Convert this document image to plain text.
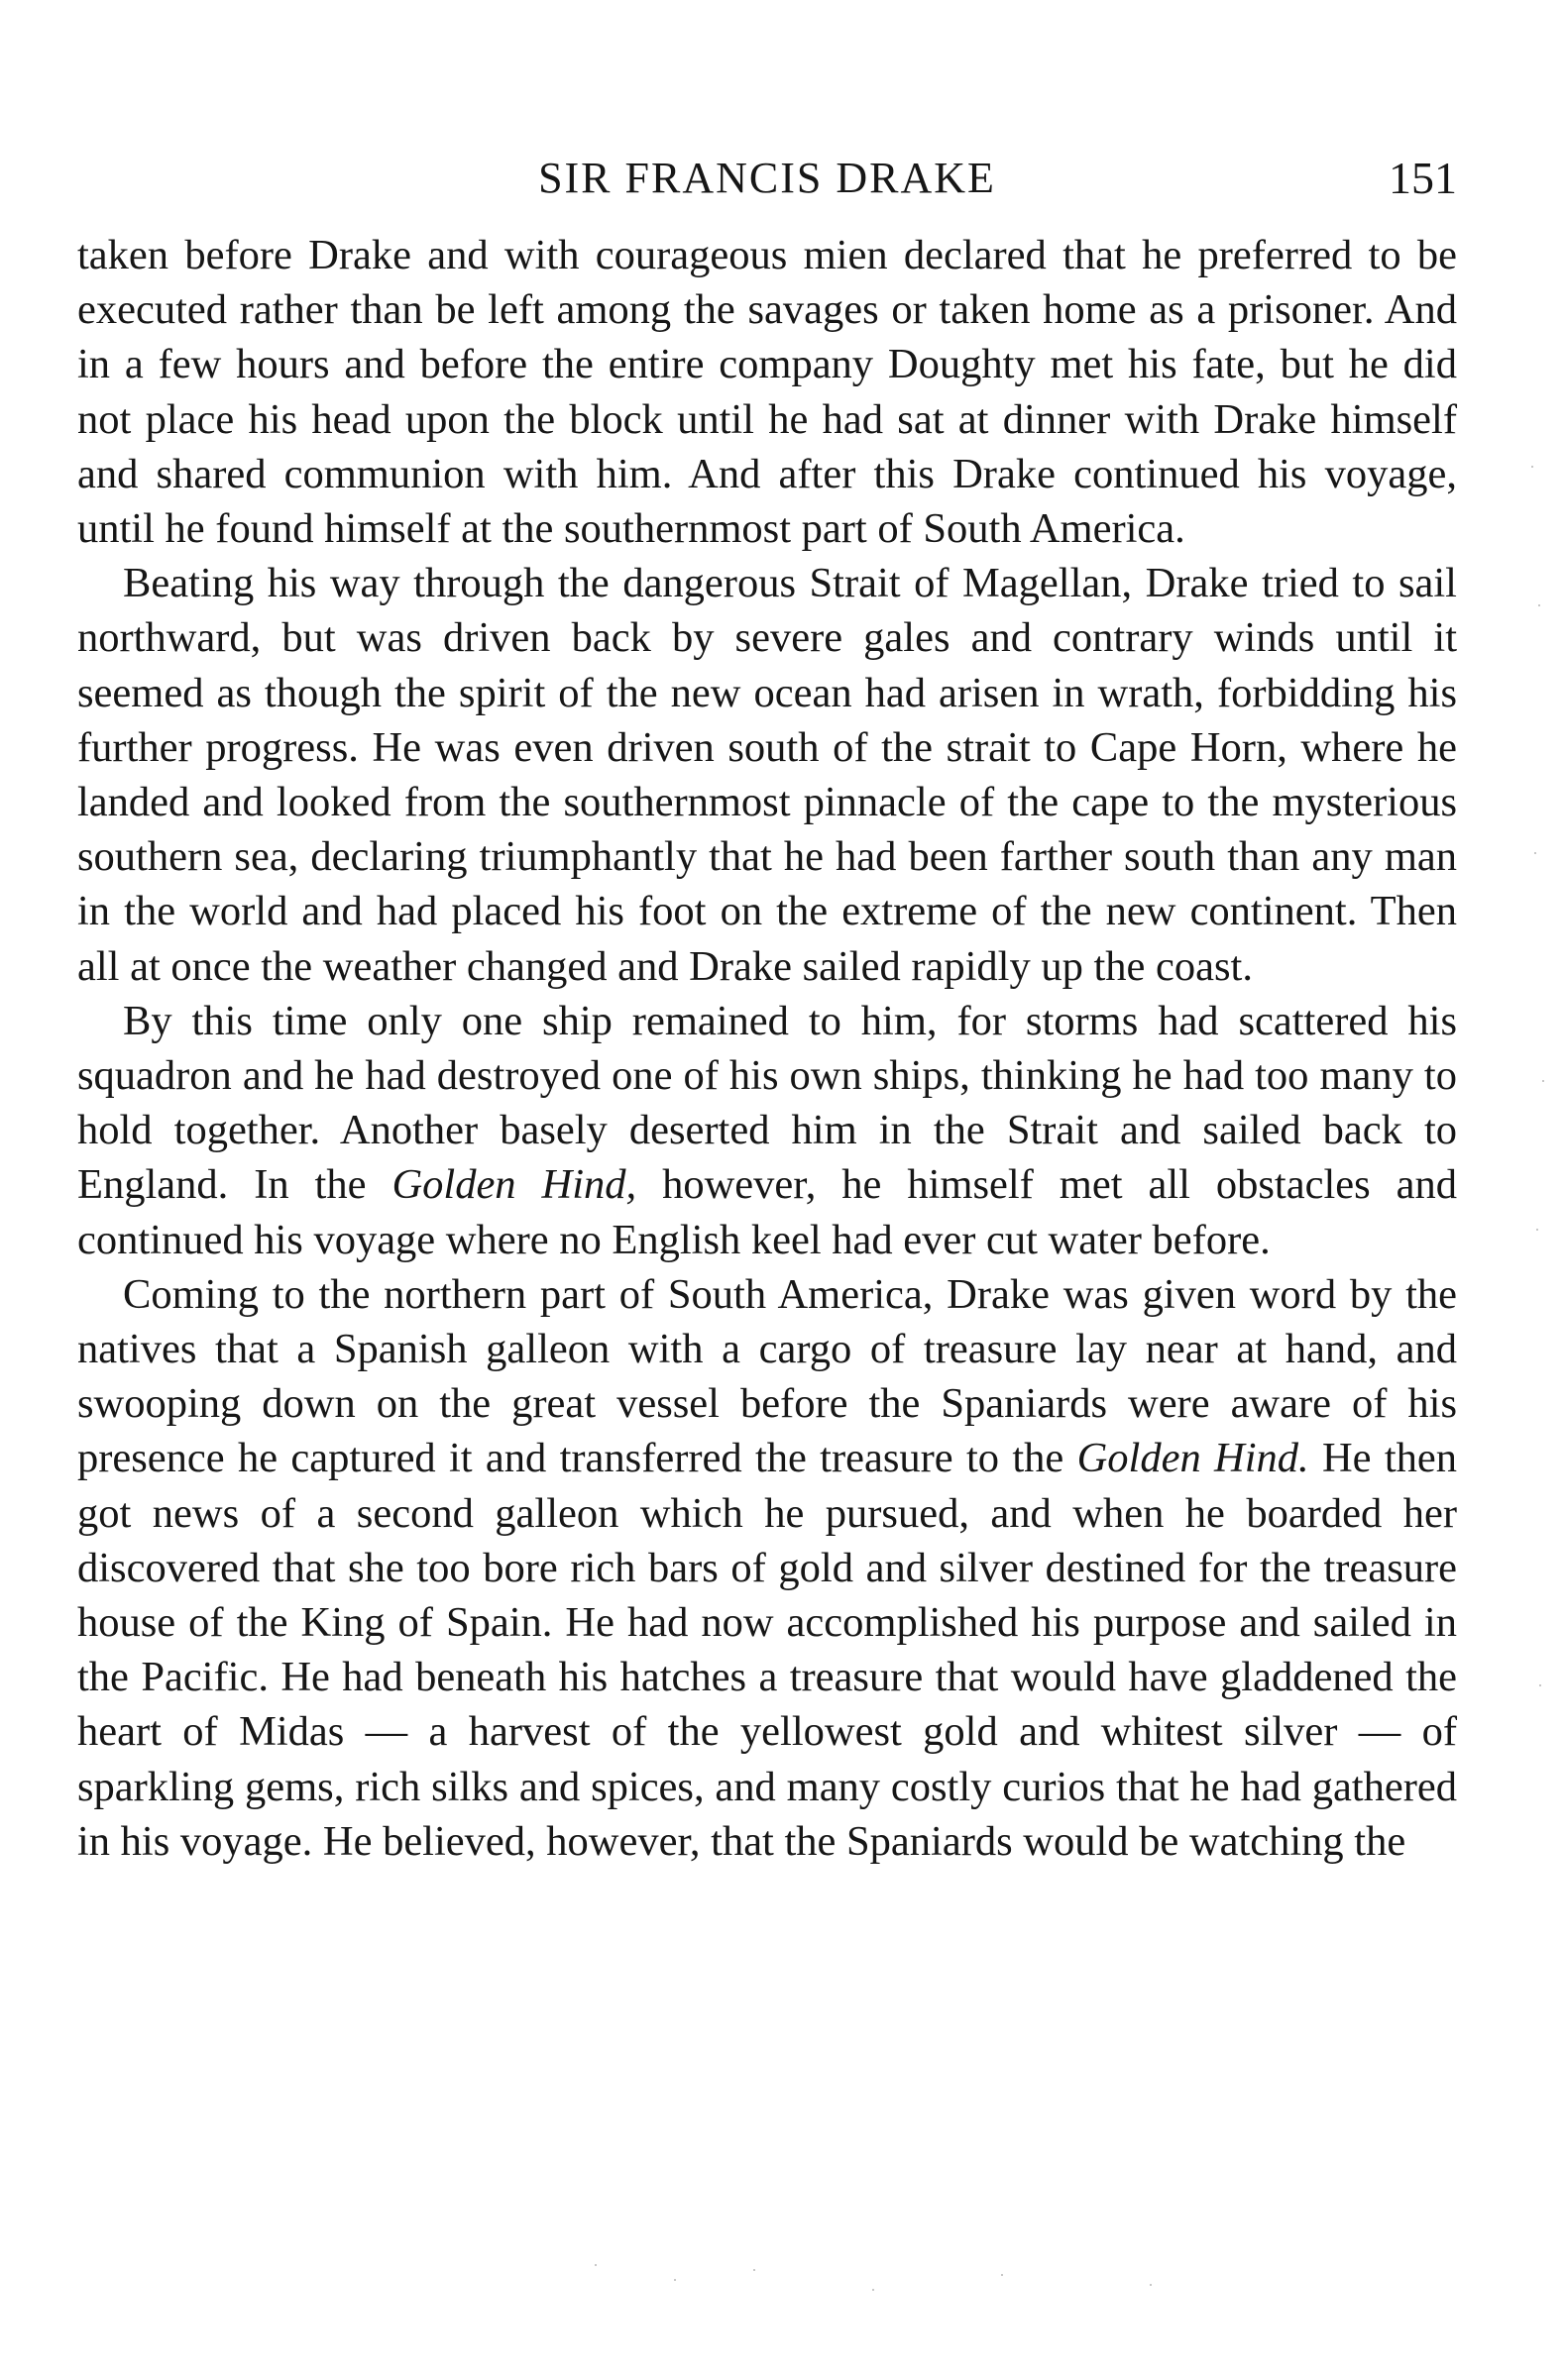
SIR FRANCIS DRAKE	151

taken before Drake and with courageous mien declared that he preferred to be executed rather than be left among the savages or taken home as a prisoner. And in a few hours and before the entire company Doughty met his fate, but he did not place his head upon the block until he had sat at dinner with Drake himself and shared communion with him. And after this Drake continued his voyage, until he found himself at the southernmost part of South America.

Beating his way through the dangerous Strait of Magellan, Drake tried to sail northward, but was driven back by severe gales and contrary winds until it seemed as though the spirit of the new ocean had arisen in wrath, forbidding his further progress. He was even driven south of the strait to Cape Horn, where he landed and looked from the southernmost pinnacle of the cape to the mysterious southern sea, declaring triumphantly that he had been farther south than any man in the world and had placed his foot on the extreme of the new continent. Then all at once the weather changed and Drake sailed rapidly up the coast.

By this time only one ship remained to him, for storms had scattered his squadron and he had destroyed one of his own ships, thinking he had too many to hold together. Another basely deserted him in the Strait and sailed back to England. In the Golden Hind, however, he himself met all obstacles and continued his voyage where no English keel had ever cut water before.

Coming to the northern part of South America, Drake was given word by the natives that a Spanish galleon with a cargo of treasure lay near at hand, and swooping down on the great vessel before the Spaniards were aware of his presence he captured it and transferred the treasure to the Golden Hind. He then got news of a second galleon which he pursued, and when he boarded her discovered that she too bore rich bars of gold and silver destined for the treasure house of the King of Spain. He had now accomplished his purpose and sailed in the Pacific. He had beneath his hatches a treasure that would have gladdened the heart of Midas — a harvest of the yellowest gold and whitest silver — of sparkling gems, rich silks and spices, and many costly curios that he had gathered in his voyage. He believed, however, that the Spaniards would be watching the
